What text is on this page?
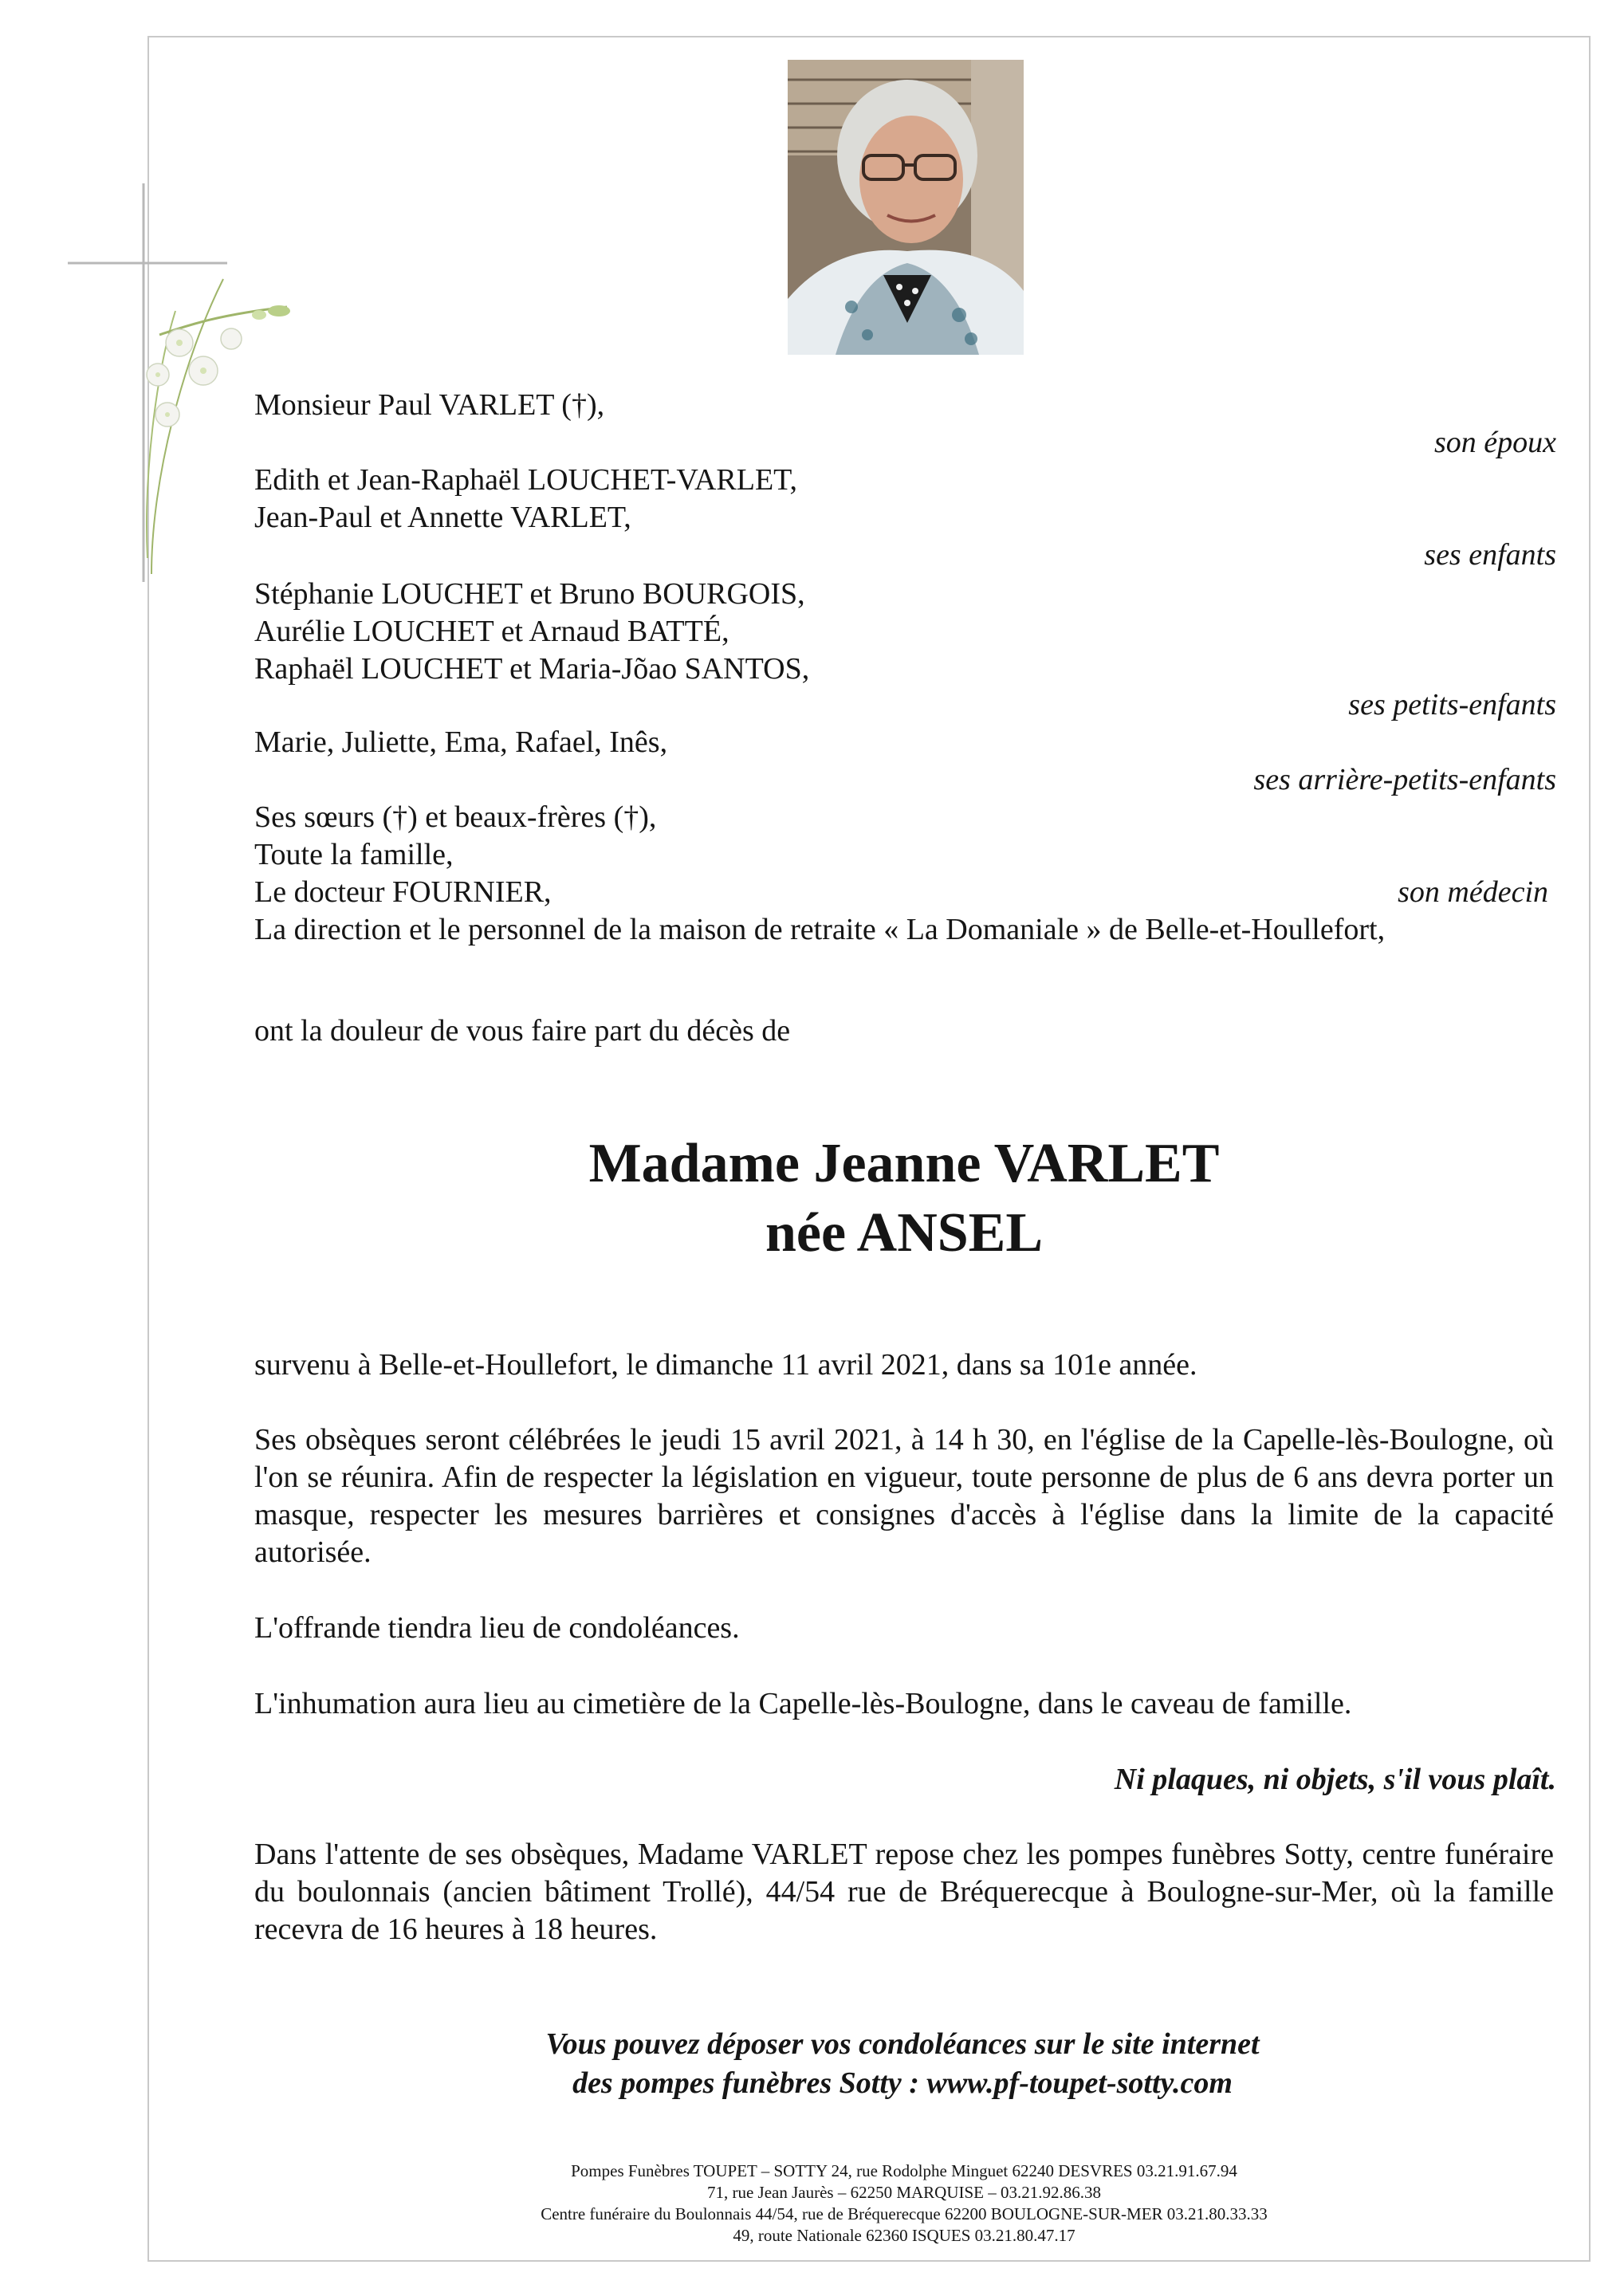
Monsieur Paul VARLET (†),
son époux
Edith et Jean-Raphaël LOUCHET-VARLET,
Jean-Paul et Annette VARLET,
ses enfants
Stéphanie LOUCHET et Bruno BOURGOIS,
Aurélie LOUCHET et Arnaud BATTÉ,
Raphaël LOUCHET et Maria-Jõao SANTOS,
ses petits-enfants
Marie, Juliette, Ema, Rafael, Inês,
ses arrière-petits-enfants
Ses sœurs (†) et beaux-frères (†),
Toute la famille,
Le docteur FOURNIER,	son médecin
La direction et le personnel de la maison de retraite « La Domaniale » de Belle-et-Houllefort,
ont la douleur de vous faire part du décès de
Madame Jeanne VARLET
née ANSEL
survenu à Belle-et-Houllefort, le dimanche 11 avril 2021, dans sa 101e année.
Ses obsèques seront célébrées le jeudi 15 avril 2021, à 14 h 30, en l'église de la Capelle-lès-Boulogne, où l'on se réunira. Afin de respecter la législation en vigueur, toute personne de plus de 6 ans devra porter un masque, respecter les mesures barrières et consignes d'accès à l'église dans la limite de la capacité autorisée.
L'offrande tiendra lieu de condoléances.
L'inhumation aura lieu au cimetière de la Capelle-lès-Boulogne, dans le caveau de famille.
Ni plaques, ni objets, s'il vous plaît.
Dans l'attente de ses obsèques, Madame VARLET repose chez les pompes funèbres Sotty, centre funéraire du boulonnais (ancien bâtiment Trollé), 44/54 rue de Bréquerecque à Boulogne-sur-Mer, où la famille recevra de 16 heures à 18 heures.
Vous pouvez déposer vos condoléances sur le site internet
des pompes funèbres Sotty : www.pf-toupet-sotty.com
Pompes Funèbres TOUPET – SOTTY 24, rue Rodolphe Minguet 62240 DESVRES 03.21.91.67.94
71, rue Jean Jaurès – 62250 MARQUISE – 03.21.92.86.38
Centre funéraire du Boulonnais 44/54, rue de Bréquerecque 62200 BOULOGNE-SUR-MER 03.21.80.33.33
49, route Nationale 62360 ISQUES 03.21.80.47.17
